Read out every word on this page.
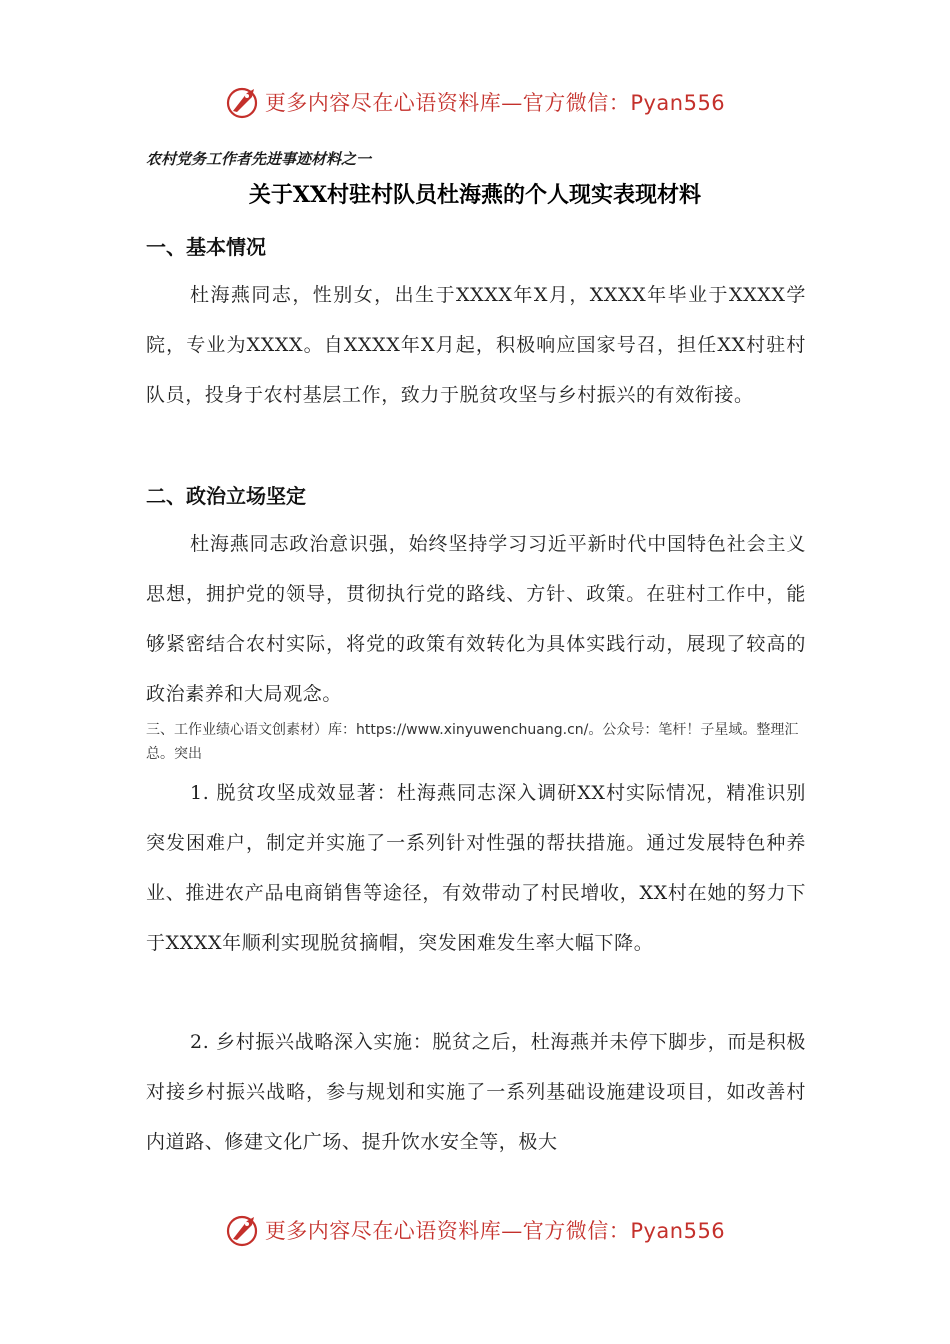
更多内容尽在心语资料库—官方微信：Pyan556
农村党务工作者先进事迹材料之一
关于XX村驻村队员杜海燕的个人现实表现材料
一、基本情况
杜海燕同志，性别女，出生于XXXX年X月，XXXX年毕业于XXXX学院，专业为XXXX。自XXXX年X月起，积极响应国家号召，担任XX村驻村队员，投身于农村基层工作，致力于脱贫攻坚与乡村振兴的有效衔接。
二、政治立场坚定
杜海燕同志政治意识强，始终坚持学习习近平新时代中国特色社会主义思想，拥护党的领导，贯彻执行党的路线、方针、政策。在驻村工作中，能够紧密结合农村实际，将党的政策有效转化为具体实践行动，展现了较高的政治素养和大局观念。
三、工作业绩心语文创素材）库：https://www.xinyuwenchuang.cn/。公众号：笔杆！子星域。整理汇总。突出
1. 脱贫攻坚成效显著：杜海燕同志深入调研XX村实际情况，精准识别突发困难户，制定并实施了一系列针对性强的帮扶措施。通过发展特色种养业、推进农产品电商销售等途径，有效带动了村民增收，XX村在她的努力下于XXXX年顺利实现脱贫摘帽，突发困难发生率大幅下降。
2. 乡村振兴战略深入实施：脱贫之后，杜海燕并未停下脚步，而是积极对接乡村振兴战略，参与规划和实施了一系列基础设施建设项目，如改善村内道路、修建文化广场、提升饮水安全等，极大
更多内容尽在心语资料库—官方微信：Pyan556
